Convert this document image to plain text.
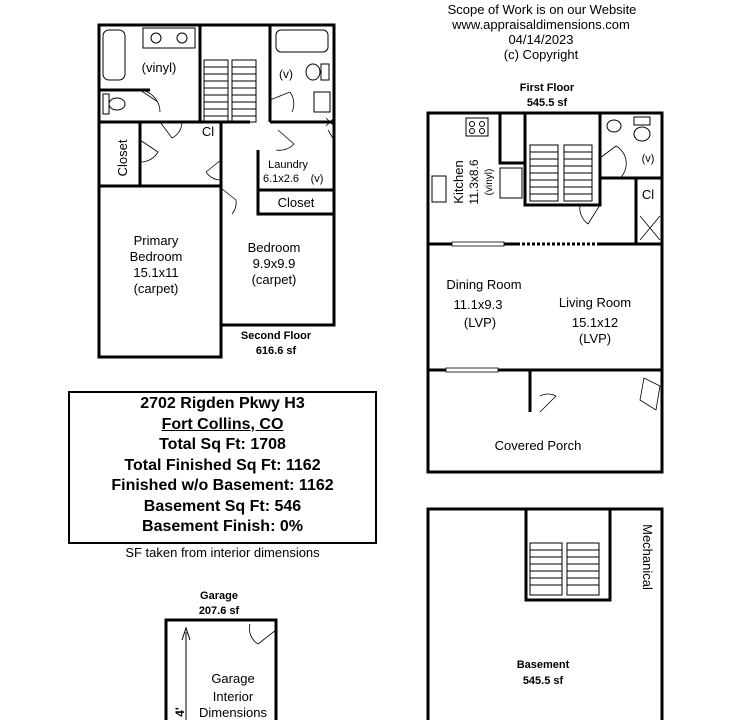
Scope of Work is on our Website
www.appraisaldimensions.com
04/14/2023
(c) Copyright
(vinyl)	(v)
Cl
Closet
Closet
Laundry
6.1x2.6 (v)
Primary
Bedroom
15.1x11
(carpet)
Bedroom
9.9x9.9
(carpet)
Second Floor
616.6 sf
First Floor
545.5 sf
Kitchen 11.3x8.6 (vinyl)
(v)
Cl
Dining Room
11.1x9.3
(LVP)
Living Room
15.1x12
(LVP)
Covered Porch
Garage
207.6 sf
4'
Garage
Interior
Dimensions
Mechanical
Basement
545.5 sf
2702 Rigden Pkwy H3
Fort Collins, CO
Total Sq Ft: 1708
Total Finished Sq Ft: 1162
Finished w/o Basement: 1162
Basement Sq Ft: 546
Basement Finish: 0%
SF taken from interior dimensions
